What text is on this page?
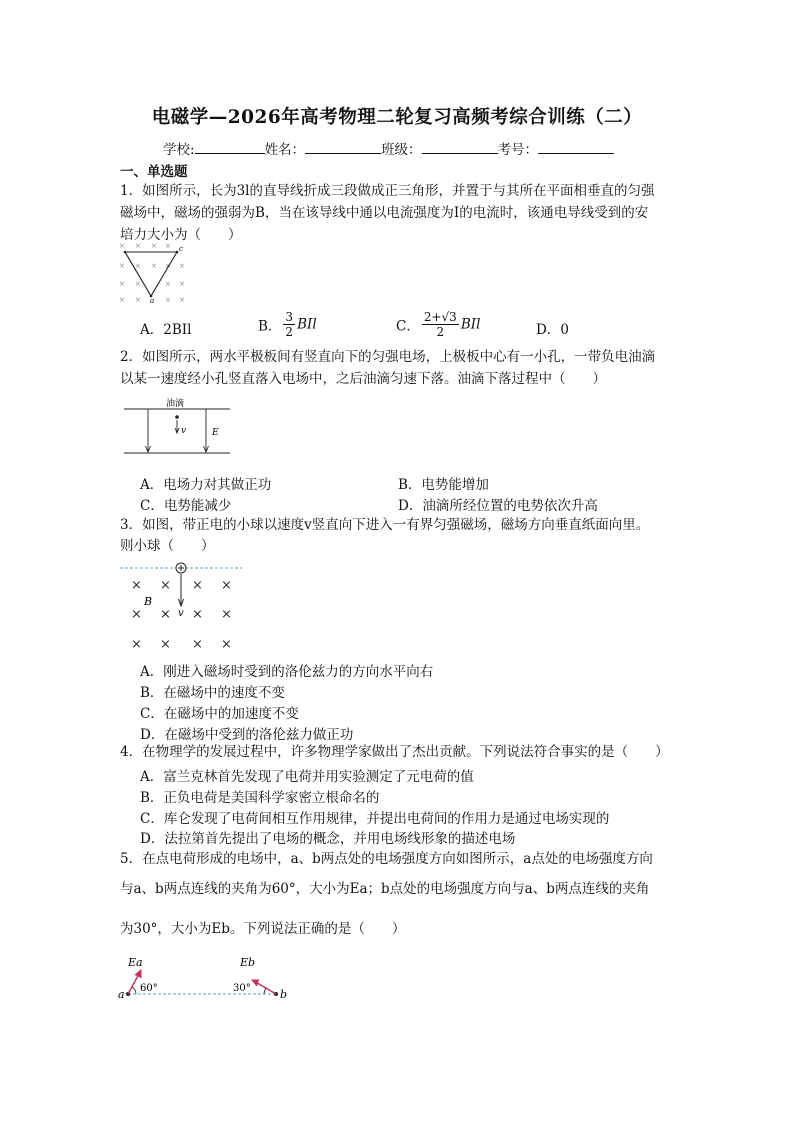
电磁学—2026年高考物理二轮复习高频考综合训练（二）
学校:	姓名：	班级：	考号：
一、单选题
1．如图所示，长为3l的直导线折成三段做成正三角形，并置于与其所在平面相垂直的匀强
磁场中，磁场的强弱为B，当在该导线中通以电流强度为I的电流时，该通电导线受到的安
培力大小为（　　）
× × × ×
× × × × ×
× ×	× ×
× ×	× ×
c
a
A．2BIl	B． $\frac{3}{2}$ BIl	C． $\frac{2+√3}{2}$ BIl	D．0
2．如图所示，两水平极板间有竖直向下的匀强电场，上极板中心有一小孔，一带负电油滴
以某一速度经小孔竖直落入电场中，之后油滴匀速下落。油滴下落过程中（　　）
油滴
v	E
A．电场力对其做正功	B．电势能增加
C．电势能减少	D．油滴所经位置的电势依次升高
3．如图，带正电的小球以速度v竖直向下进入一有界匀强磁场，磁场方向垂直纸面向里。
则小球（　　）
× × × ×
× × × ×
× × × ×
B
v
A．刚进入磁场时受到的洛伦兹力的方向水平向右
B．在磁场中的速度不变
C．在磁场中的加速度不变
D．在磁场中受到的洛伦兹力做正功
4．在物理学的发展过程中，许多物理学家做出了杰出贡献。下列说法符合事实的是（　　）
A．富兰克林首先发现了电荷并用实验测定了元电荷的值
B．正负电荷是美国科学家密立根命名的
C．库仑发现了电荷间相互作用规律，并提出电荷间的作用力是通过电场实现的
D．法拉第首先提出了电场的概念，并用电场线形象的描述电场
5．在点电荷形成的电场中，a、b两点处的电场强度方向如图所示，a点处的电场强度方向
与a、b两点连线的夹角为60°，大小为Ea；b点处的电场强度方向与a、b两点连线的夹角
为30°，大小为Eb。下列说法正确的是（　　）
Ea	Eb
a	b
60°	30°
